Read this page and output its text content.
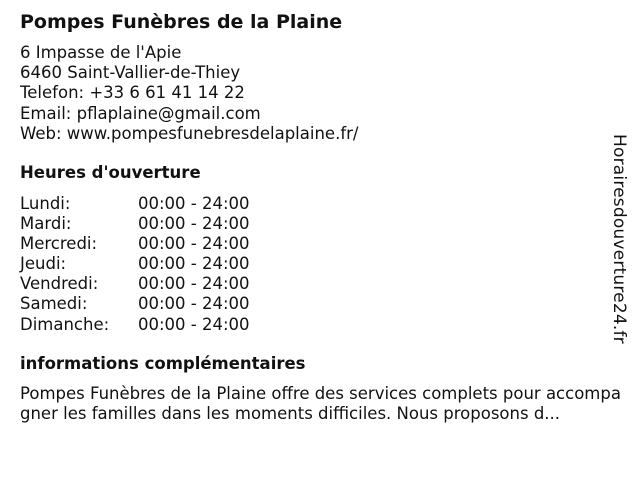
Pompes Funèbres de la Plaine
6 Impasse de l'Apie
6460 Saint-Vallier-de-Thiey
Telefon: +33 6 61 41 14 22
Email: pflaplaine@gmail.com
Web: www.pompesfunebresdelaplaine.fr/
Heures d'ouverture
Lundi:	00:00 - 24:00
Mardi:	00:00 - 24:00
Mercredi: 00:00 - 24:00
Jeudi:	00:00 - 24:00
Vendredi: 00:00 - 24:00
Samedi:	00:00 - 24:00
Dimanche: 00:00 - 24:00
informations complémentaires

Pompes Funèbres de la Plaine offre des services complets pour accompagner les familles dans les moments difficiles. Nous proposons d...

Horairesdouverture24.fr
